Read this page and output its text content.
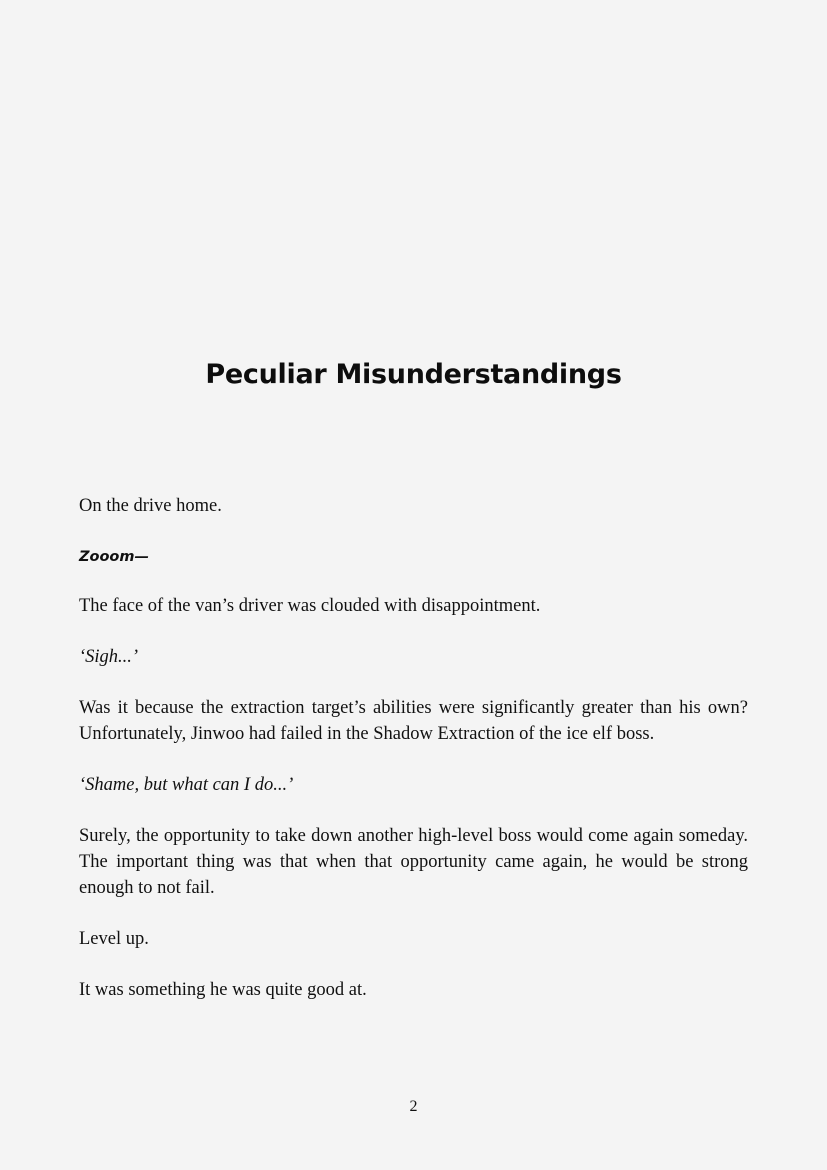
Peculiar Misunderstandings

On the drive home.

Zooom—

The face of the van’s driver was clouded with disappointment.

‘Sigh...’

Was it because the extraction target’s abilities were significantly greater than his own? Unfortunately, Jinwoo had failed in the Shadow Extraction of the ice elf boss.

‘Shame, but what can I do...’

Surely, the opportunity to take down another high-level boss would come again someday. The important thing was that when that opportunity came again, he would be strong enough to not fail.

Level up.

It was something he was quite good at.

2
